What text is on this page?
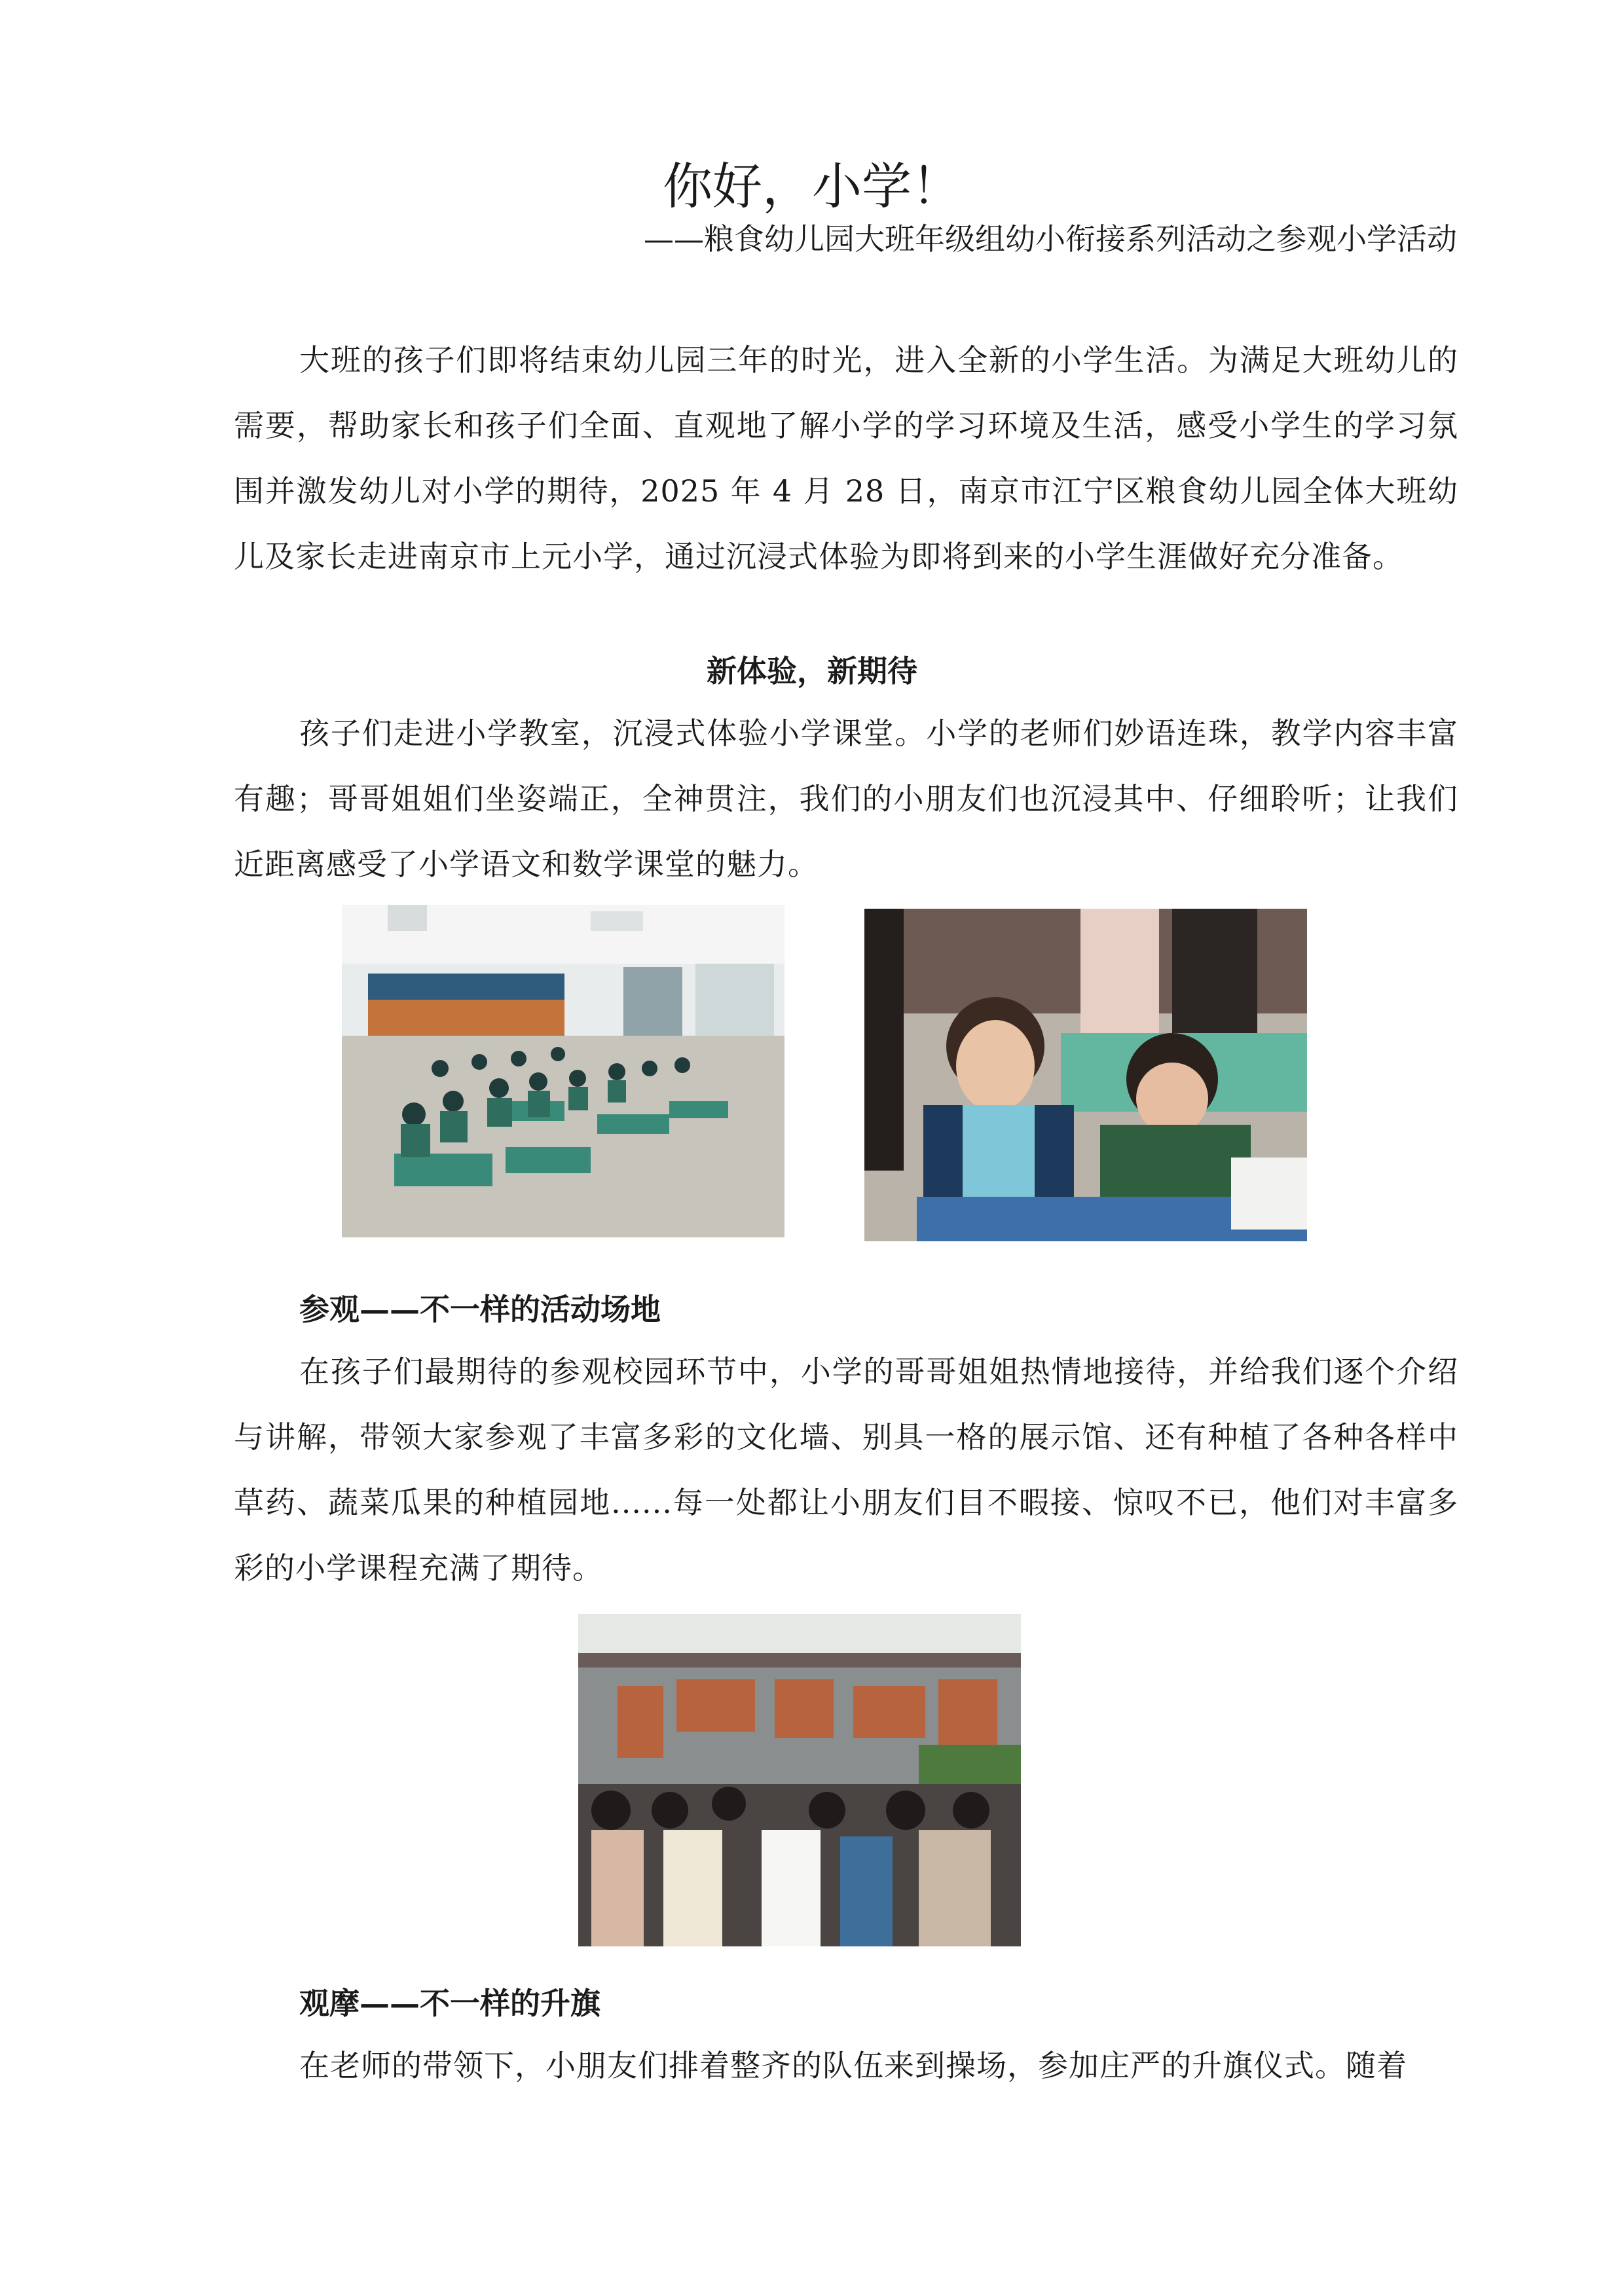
你好，小学！

——粮食幼儿园大班年级组幼小衔接系列活动之参观小学活动

大班的孩子们即将结束幼儿园三年的时光，进入全新的小学生活。为满足大班幼儿的需要，帮助家长和孩子们全面、直观地了解小学的学习环境及生活，感受小学生的学习氛围并激发幼儿对小学的期待，2025 年 4 月 28 日，南京市江宁区粮食幼儿园全体大班幼儿及家长走进南京市上元小学，通过沉浸式体验为即将到来的小学生涯做好充分准备。

新体验，新期待

孩子们走进小学教室，沉浸式体验小学课堂。小学的老师们妙语连珠，教学内容丰富有趣；哥哥姐姐们坐姿端正，全神贯注，我们的小朋友们也沉浸其中、仔细聆听；让我们近距离感受了小学语文和数学课堂的魅力。

参观——不一样的活动场地

在孩子们最期待的参观校园环节中，小学的哥哥姐姐热情地接待，并给我们逐个介绍与讲解，带领大家参观了丰富多彩的文化墙、别具一格的展示馆、还有种植了各种各样中草药、蔬菜瓜果的种植园地......每一处都让小朋友们目不暇接、惊叹不已，他们对丰富多彩的小学课程充满了期待。

观摩——不一样的升旗

在老师的带领下，小朋友们排着整齐的队伍来到操场，参加庄严的升旗仪式。随着
